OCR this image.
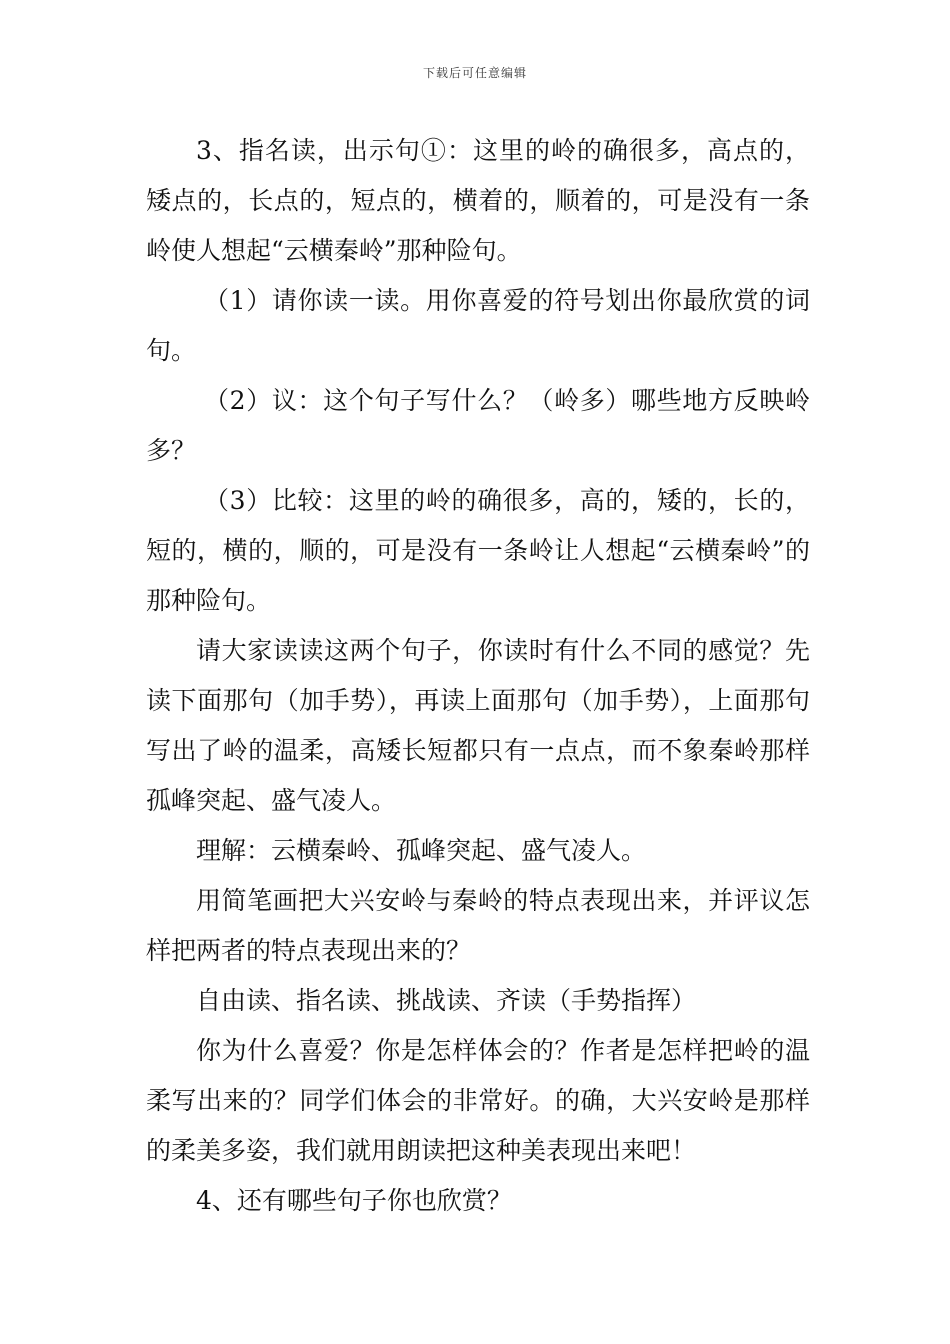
下载后可任意编辑

3、指名读，出示句①：这里的岭的确很多，高点的，矮点的，长点的，短点的，横着的，顺着的，可是没有一条岭使人想起“云横秦岭”那种险句。

（1）请你读一读。用你喜爱的符号划出你最欣赏的词句。

（2）议：这个句子写什么？（岭多）哪些地方反映岭多？

（3）比较：这里的岭的确很多，高的，矮的，长的，短的，横的，顺的，可是没有一条岭让人想起“云横秦岭”的那种险句。

请大家读读这两个句子，你读时有什么不同的感觉？先读下面那句（加手势），再读上面那句（加手势），上面那句写出了岭的温柔，高矮长短都只有一点点，而不象秦岭那样孤峰突起、盛气凌人。

理解：云横秦岭、孤峰突起、盛气凌人。

用简笔画把大兴安岭与秦岭的特点表现出来，并评议怎样把两者的特点表现出来的？

自由读、指名读、挑战读、齐读（手势指挥）

你为什么喜爱？你是怎样体会的？作者是怎样把岭的温柔写出来的？同学们体会的非常好。的确，大兴安岭是那样的柔美多姿，我们就用朗读把这种美表现出来吧！

4、还有哪些句子你也欣赏？
